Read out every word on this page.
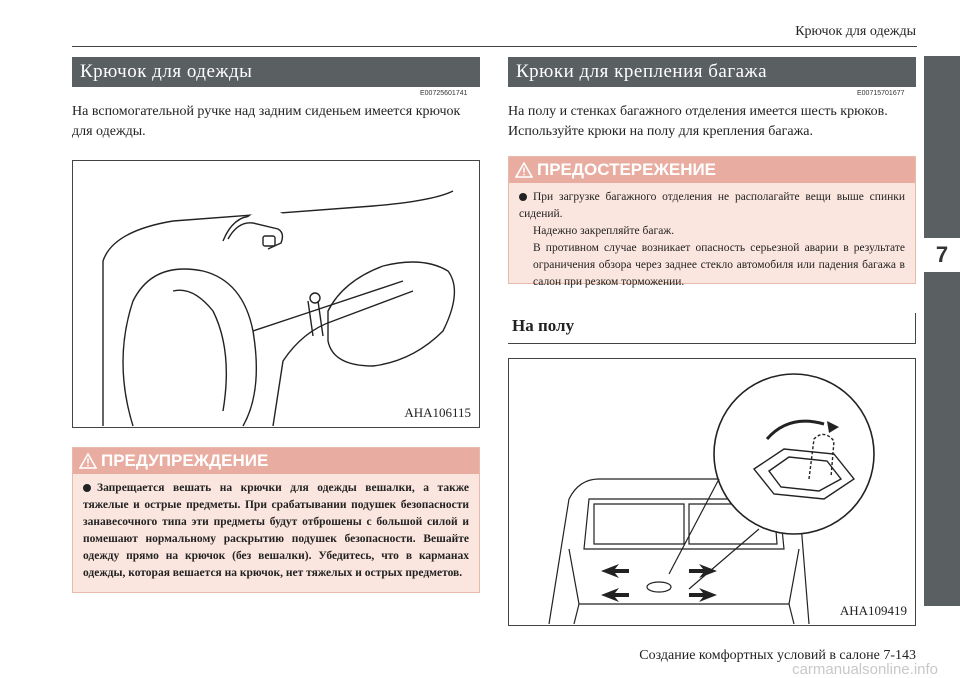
Крючок для одежды
7
Крючок для одежды
E00725601741
На вспомогательной ручке над задним сиденьем имеется крючок для одежды.
AHA106115
ПРЕДУПРЕЖДЕНИЕ
Запрещается вешать на крючки для одежды вешалки, а также тяжелые и острые предметы. При срабатывании подушек безопасности занавесочного типа эти предметы будут отброшены с большой силой и помешают нормальному раскрытию подушек безопасности. Вешайте одежду прямо на крючок (без вешалки). Убедитесь, что в карманах одежды, которая вешается на крючок, нет тяжелых и острых предметов.
Крюки для крепления багажа
E00715701677
На полу и стенках багажного отделения имеется шесть крюков. Используйте крюки на полу для крепления багажа.
ПРЕДОСТЕРЕЖЕНИЕ
При загрузке багажного отделения не располагайте вещи выше спинки сидений.
Надежно закрепляйте багаж.
В противном случае возникает опасность серьезной аварии в результате ограничения обзора через заднее стекло автомобиля или падения багажа в салон при резком торможении.
На полу
AHA109419
Создание комфортных условий в салоне 7-143
carmanualsonline.info
